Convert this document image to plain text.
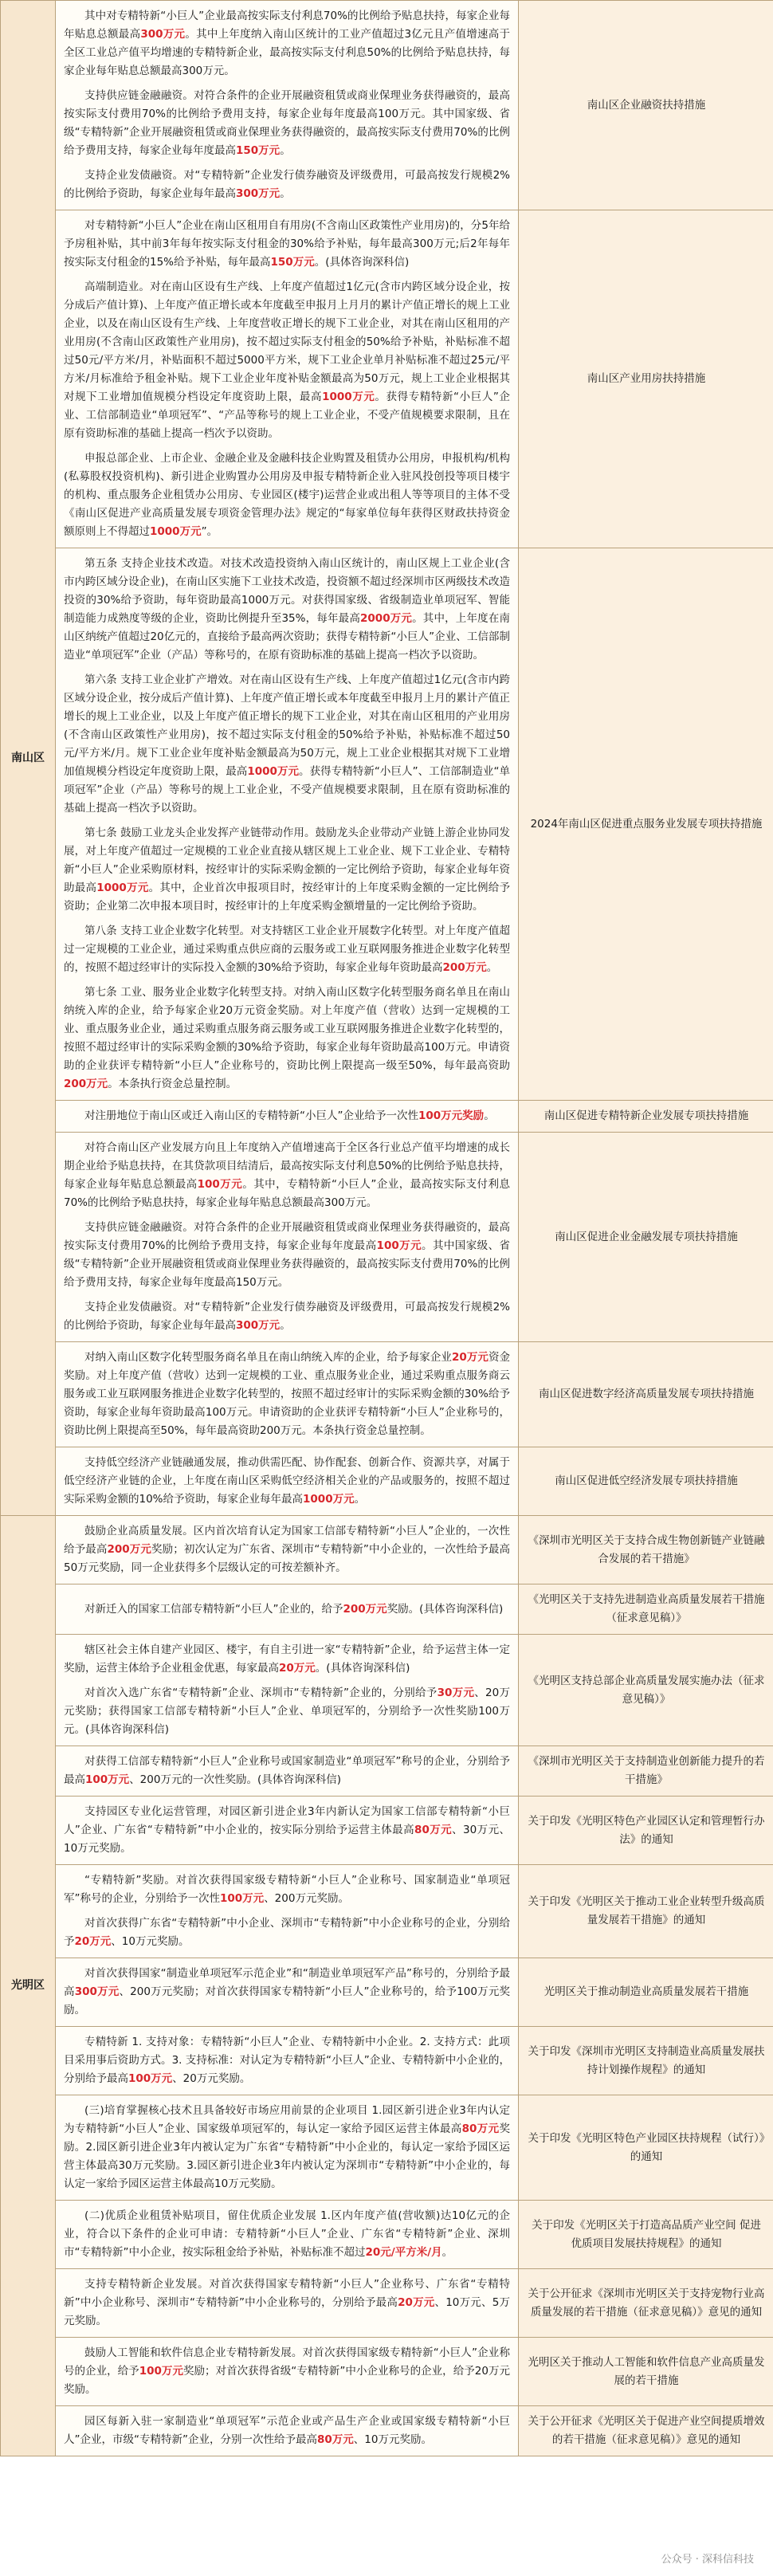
南山区	其中对专精特新“小巨人”企业最高按实际支付利息70%的比例给予贴息扶持，每家企业每年贴息总额最高300万元。其中上年度纳入南山区统计的工业产值超过3亿元且产值增速高于全区工业总产值平均增速的专精特新企业，最高按实际支付利息50%的比例给予贴息扶持，每家企业每年贴息总额最高300万元。

支持供应链金融融资。对符合条件的企业开展融资租赁或商业保理业务获得融资的，最高按实际支付费用70%的比例给予费用支持，每家企业每年度最高100万元。其中国家级、省级“专精特新”企业开展融资租赁或商业保理业务获得融资的，最高按实际支付费用70%的比例给予费用支持，每家企业每年度最高150万元。

支持企业发债融资。对“专精特新”企业发行债券融资及评级费用，可最高按发行规模2%的比例给予资助，每家企业每年最高300万元。	南山区企业融资扶持措施

	对专精特新“小巨人”企业在南山区租用自有用房(不含南山区政策性产业用房)的，分5年给予房租补贴，其中前3年每年按实际支付租金的30%给予补贴，每年最高300万元;后2年每年按实际支付租金的15%给予补贴，每年最高150万元。(具体咨询深科信)

高端制造业。对在南山区设有生产线、上年度产值超过1亿元(含市内跨区域分设企业，按分成后产值计算)、上年度产值正增长或本年度截至申报月上月月的累计产值正增长的规上工业企业，以及在南山区设有生产线、上年度营收正增长的规下工业企业，对其在南山区租用的产业用房(不含南山区政策性产业用房)，按不超过实际支付租金的50%给予补贴，补贴标准不超过50元/平方米/月，补贴面积不超过5000平方米，规下工业企业单月补贴标准不超过25元/平方米/月标准给予租金补贴。规下工业企业年度补贴金额最高为50万元，规上工业企业根据其对规下工业增加值规模分档设定年度资助上限，最高1000万元。获得专精特新“小巨人”企业、工信部制造业“单项冠军”、“产品等称号的规上工业企业，不受产值规模要求限制，且在原有资助标准的基础上提高一档次予以资助。

申报总部企业、上市企业、金融企业及金融科技企业购置及租赁办公用房，申报机构/机构(私募股权投资机构)、新引进企业购置办公用房及申报专精特新企业入驻风投创投等项目楼宇的机构、重点服务企业租赁办公用房、专业园区(楼宇)运营企业或出租人等等项目的主体不受《南山区促进产业高质量发展专项资金管理办法》规定的“每家单位每年获得区财政扶持资金额原则上不得超过1000万元”。	南山区产业用房扶持措施

	第五条 支持企业技术改造。对技术改造投资纳入南山区统计的，南山区规上工业企业(含市内跨区域分设企业)，在南山区实施下工业技术改造，投资额不超过经深圳市区两级技术改造投资的30%给予资助，每年资助最高1000万元。对获得国家级、省级制造业单项冠军、智能制造能力成熟度等级的企业，资助比例提升至35%，每年最高2000万元。其中，上年度在南山区纳统产值超过20亿元的，直接给予最高两次资助；获得专精特新“小巨人”企业、工信部制造业“单项冠军”企业（产品）等称号的，在原有资助标准的基础上提高一档次予以资助。

第六条 支持工业企业扩产增效。对在南山区设有生产线、上年度产值超过1亿元(含市内跨区域分设企业，按分成后产值计算)、上年度产值正增长或本年度截至申报月上月的累计产值正增长的规上工业企业，以及上年度产值正增长的规下工业企业，对其在南山区租用的产业用房(不含南山区政策性产业用房)，按不超过实际支付租金的50%给予补贴，补贴标准不超过50元/平方米/月。规下工业企业年度补贴金额最高为50万元，规上工业企业根据其对规下工业增加值规模分档设定年度资助上限，最高1000万元。获得专精特新“小巨人”、工信部制造业“单项冠军”企业（产品）等称号的规上工业企业，不受产值规模要求限制，且在原有资助标准的基础上提高一档次予以资助。

第七条 鼓励工业龙头企业发挥产业链带动作用。鼓励龙头企业带动产业链上游企业协同发展，对上年度产值超过一定规模的工业企业直接从辖区规上工业企业、规下工业企业、专精特新“小巨人”企业采购原材料，按经审计的实际采购金额的一定比例给予资助，每家企业每年资助最高1000万元。其中，企业首次申报项目时，按经审计的上年度采购金额的一定比例给予资助；企业第二次申报本项目时，按经审计的上年度采购金额增量的一定比例给予资助。

第八条 支持工业企业数字化转型。对支持辖区工业企业开展数字化转型。对上年度产值超过一定规模的工业企业，通过采购重点供应商的云服务或工业互联网服务推进企业数字化转型的，按照不超过经审计的实际投入金额的30%给予资助，每家企业每年资助最高200万元。

第七条 工业、服务业企业数字化转型支持。对纳入南山区数字化转型服务商名单且在南山纳统入库的企业，给予每家企业20万元资金奖励。对上年度产值（营收）达到一定规模的工业、重点服务业企业，通过采购重点服务商云服务或工业互联网服务推进企业数字化转型的，按照不超过经审计的实际采购金额的30%给予资助，每家企业每年资助最高100万元。申请资助的企业获评专精特新“小巨人”企业称号的，资助比例上限提高一级至50%，每年最高资助200万元。本条执行资金总量控制。	2024年南山区促进重点服务业发展专项扶持措施

	对注册地位于南山区或迁入南山区的专精特新“小巨人”企业给予一次性100万元奖励。	南山区促进专精特新企业发展专项扶持措施

	对符合南山区产业发展方向且上年度纳入产值增速高于全区各行业总产值平均增速的成长期企业给予贴息扶持，在其贷款项目结清后，最高按实际支付利息50%的比例给予贴息扶持，每家企业每年贴息总额最高100万元。其中，专精特新“小巨人”企业，最高按实际支付利息70%的比例给予贴息扶持，每家企业每年贴息总额最高300万元。

支持供应链金融融资。对符合条件的企业开展融资租赁或商业保理业务获得融资的，最高按实际支付费用70%的比例给予费用支持，每家企业每年度最高100万元。其中国家级、省级“专精特新”企业开展融资租赁或商业保理业务获得融资的，最高按实际支付费用70%的比例给予费用支持，每家企业每年度最高150万元。

支持企业发债融资。对“专精特新”企业发行债券融资及评级费用，可最高按发行规模2%的比例给予资助，每家企业每年最高300万元。	南山区促进企业金融发展专项扶持措施

	对纳入南山区数字化转型服务商名单且在南山纳统入库的企业，给予每家企业20万元资金奖励。对上年度产值（营收）达到一定规模的工业、重点服务业企业，通过采购重点服务商云服务或工业互联网服务推进企业数字化转型的，按照不超过经审计的实际采购金额的30%给予资助，每家企业每年资助最高100万元。申请资助的企业获评专精特新“小巨人”企业称号的，资助比例上限提高至50%，每年最高资助200万元。本条执行资金总量控制。	南山区促进数字经济高质量发展专项扶持措施

	支持低空经济产业链融通发展，推动供需匹配、协作配套、创新合作、资源共享，对属于低空经济产业链的企业，上年度在南山区采购低空经济相关企业的产品或服务的，按照不超过实际采购金额的10%给予资助，每家企业每年最高1000万元。	南山区促进低空经济发展专项扶持措施
光明区	鼓励企业高质量发展。区内首次培育认定为国家工信部专精特新“小巨人”企业的，一次性给予最高200万元奖励；初次认定为广东省、深圳市“专精特新”中小企业的，一次性给予最高50万元奖励，同一企业获得多个层级认定的可按差额补齐。	《深圳市光明区关于支持合成生物创新链产业链融合发展的若干措施》

	对新迁入的国家工信部专精特新“小巨人”企业的，给予200万元奖励。(具体咨询深科信)	《光明区关于支持先进制造业高质量发展若干措施（征求意见稿）》

	辖区社会主体自建产业园区、楼宇，有自主引进一家“专精特新”企业，给予运营主体一定奖励，运营主体给予企业租金优惠，每家最高20万元。(具体咨询深科信)

对首次入选广东省“专精特新”企业、深圳市“专精特新”企业的，分别给予30万元、20万元奖励；获得国家工信部专精特新“小巨人”企业、单项冠军的，分别给予一次性奖励100万元。(具体咨询深科信)	《光明区支持总部企业高质量发展实施办法（征求意见稿）》

	对获得工信部专精特新“小巨人”企业称号或国家制造业“单项冠军”称号的企业，分别给予最高100万元、200万元的一次性奖励。(具体咨询深科信)	《深圳市光明区关于支持制造业创新能力提升的若干措施》

	支持园区专业化运营管理，对园区新引进企业3年内新认定为国家工信部专精特新“小巨人”企业、广东省“专精特新”中小企业的，按实际分别给予运营主体最高80万元、30万元、10万元奖励。	关于印发《光明区特色产业园区认定和管理暂行办法》的通知

	“专精特新”奖励。对首次获得国家级专精特新“小巨人”企业称号、国家制造业“单项冠军”称号的企业，分别给予一次性100万元、200万元奖励。

对首次获得广东省“专精特新”中小企业、深圳市“专精特新”中小企业称号的企业，分别给予20万元、10万元奖励。	关于印发《光明区关于推动工业企业转型升级高质量发展若干措施》的通知

	对首次获得国家“制造业单项冠军示范企业”和“制造业单项冠军产品”称号的，分别给予最高300万元、200万元奖励；对首次获得国家专精特新“小巨人”企业称号的，给予100万元奖励。	光明区关于推动制造业高质量发展若干措施

	专精特新 1. 支持对象：专精特新“小巨人”企业、专精特新中小企业。2. 支持方式：此项目采用事后资助方式。3. 支持标准：对认定为专精特新“小巨人”企业、专精特新中小企业的，分别给予最高100万元、20万元奖励。	关于印发《深圳市光明区支持制造业高质量发展扶持计划操作规程》的通知

	(三)培育掌握核心技术且具备较好市场应用前景的企业项目 1.园区新引进企业3年内认定为专精特新“小巨人”企业、国家级单项冠军的，每认定一家给予园区运营主体最高80万元奖励。2.园区新引进企业3年内被认定为广东省“专精特新”中小企业的，每认定一家给予园区运营主体最高30万元奖励。3.园区新引进企业3年内被认定为深圳市“专精特新”中小企业的，每认定一家给予园区运营主体最高10万元奖励。	关于印发《光明区特色产业园区扶持规程（试行）》的通知

	(二)优质企业租赁补贴项目，留住优质企业发展 1.区内年度产值(营收额)达10亿元的企业，符合以下条件的企业可申请：专精特新“小巨人”企业、广东省“专精特新”企业、深圳市“专精特新”中小企业，按实际租金给予补贴，补贴标准不超过20元/平方米/月。	关于印发《光明区关于打造高品质产业空间 促进优质项目发展扶持规程》的通知

	支持专精特新企业发展。对首次获得国家专精特新“小巨人”企业称号、广东省“专精特新”中小企业称号、深圳市“专精特新”中小企业称号的，分别给予最高20万元、10万元、5万元奖励。	关于公开征求《深圳市光明区关于支持宠物行业高质量发展的若干措施（征求意见稿）》意见的通知

	鼓励人工智能和软件信息企业专精特新发展。对首次获得国家级专精特新“小巨人”企业称号的企业，给予100万元奖励；对首次获得省级“专精特新”中小企业称号的企业，给予20万元奖励。	光明区关于推动人工智能和软件信息产业高质量发展的若干措施

	园区每新入驻一家制造业“单项冠军”示范企业或产品生产企业或国家级专精特新“小巨人”企业，市级“专精特新”企业，分别一次性给予最高80万元、10万元奖励。	关于公开征求《光明区关于促进产业空间提质增效的若干措施（征求意见稿）》意见的通知
公众号 · 深科信科技
